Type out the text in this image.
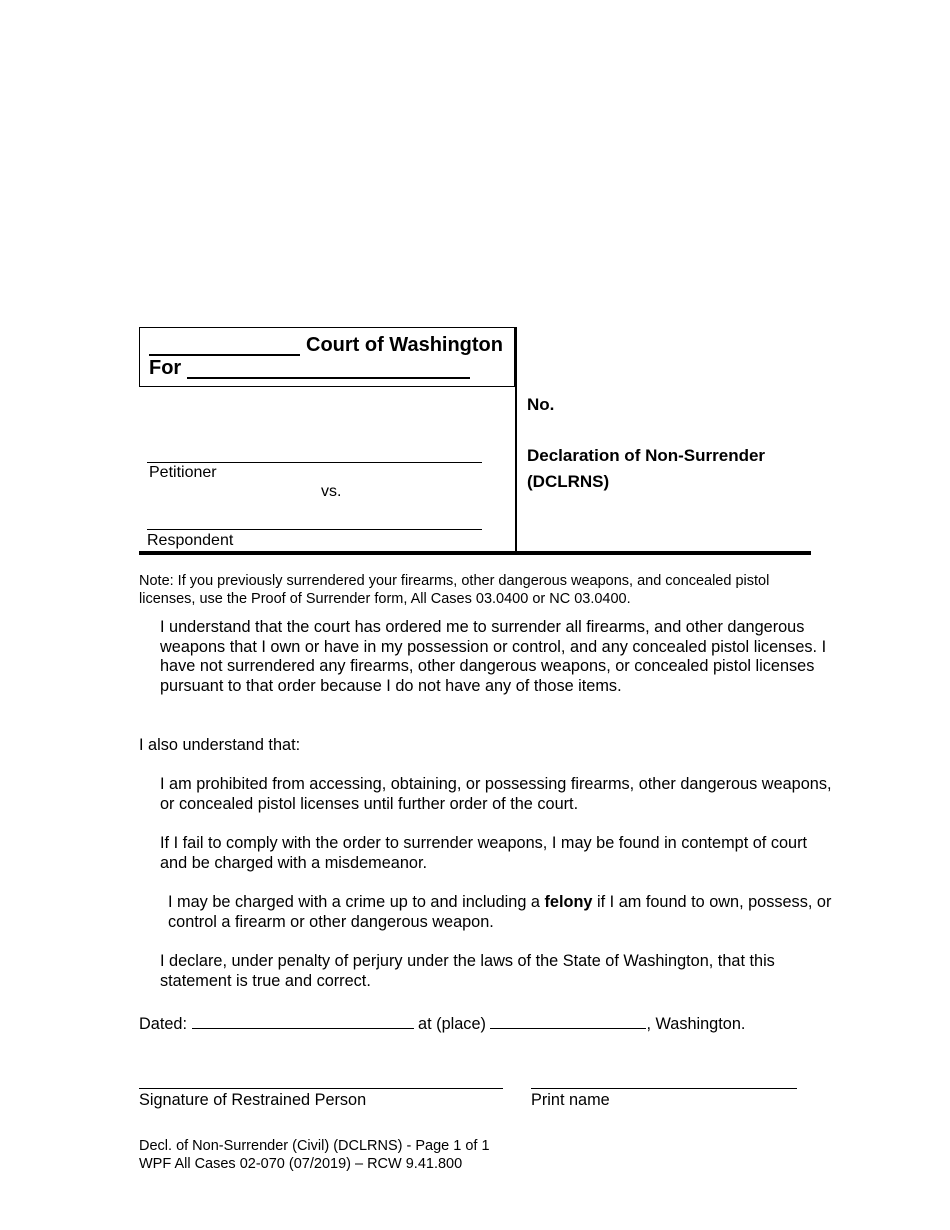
Court of Washington
For
Petitioner
vs.
Respondent
No.
Declaration of Non-Surrender
(DCLRNS)
Note: If you previously surrendered your firearms, other dangerous weapons, and concealed pistol licenses, use the Proof of Surrender form, All Cases 03.0400 or NC 03.0400.
I understand that the court has ordered me to surrender all firearms, and other dangerous weapons that I own or have in my possession or control, and any concealed pistol licenses. I have not surrendered any firearms, other dangerous weapons, or concealed pistol licenses pursuant to that order because I do not have any of those items.
I also understand that:
I am prohibited from accessing, obtaining, or possessing firearms, other dangerous weapons, or concealed pistol licenses until further order of the court.
If I fail to comply with the order to surrender weapons, I may be found in contempt of court and be charged with a misdemeanor.
I may be charged with a crime up to and including a felony if I am found to own, possess, or control a firearm or other dangerous weapon.
I declare, under penalty of perjury under the laws of the State of Washington, that this statement is true and correct.
Dated:	at (place)	, Washington.
Signature of Restrained Person	Print name
Decl. of Non-Surrender (Civil) (DCLRNS) - Page 1 of 1
WPF All Cases 02-070 (07/2019) – RCW 9.41.800
